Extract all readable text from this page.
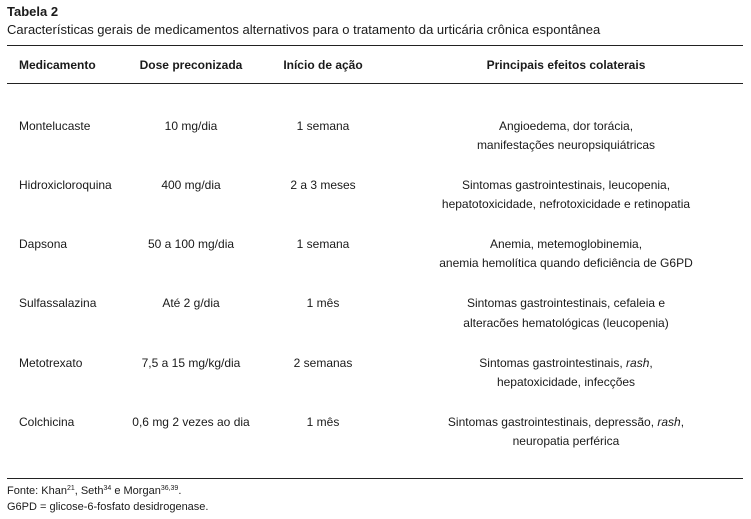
Tabela 2
Características gerais de medicamentos alternativos para o tratamento da urticária crônica espontânea
Medicamento	Dose preconizada	Início de ação	Principais efeitos colaterais
Montelucaste	10 mg/dia	1 semana	Angioedema, dor torácia,
manifestações neuropsiquiátricas
Hidroxicloroquina	400 mg/dia	2 a 3 meses	Sintomas gastrointestinais, leucopenia,
hepatotoxicidade, nefrotoxicidade e retinopatia
Dapsona	50 a 100 mg/dia	1 semana	Anemia, metemoglobinemia,
anemia hemolítica quando deficiência de G6PD
Sulfassalazina	Até 2 g/dia	1 mês	Sintomas gastrointestinais, cefaleia e
alteracões hematológicas (leucopenia)
Metotrexato	7,5 a 15 mg/kg/dia	2 semanas	Sintomas gastrointestinais, rash,
hepatoxicidade, infecções
Colchicina	0,6 mg 2 vezes ao dia	1 mês	Sintomas gastrointestinais, depressão, rash,
neuropatia perférica
Fonte: Khan$^{21}$, Seth$^{34}$ e Morgan$^{36,39}$.
G6PD = glicose-6-fosfato desidrogenase.
